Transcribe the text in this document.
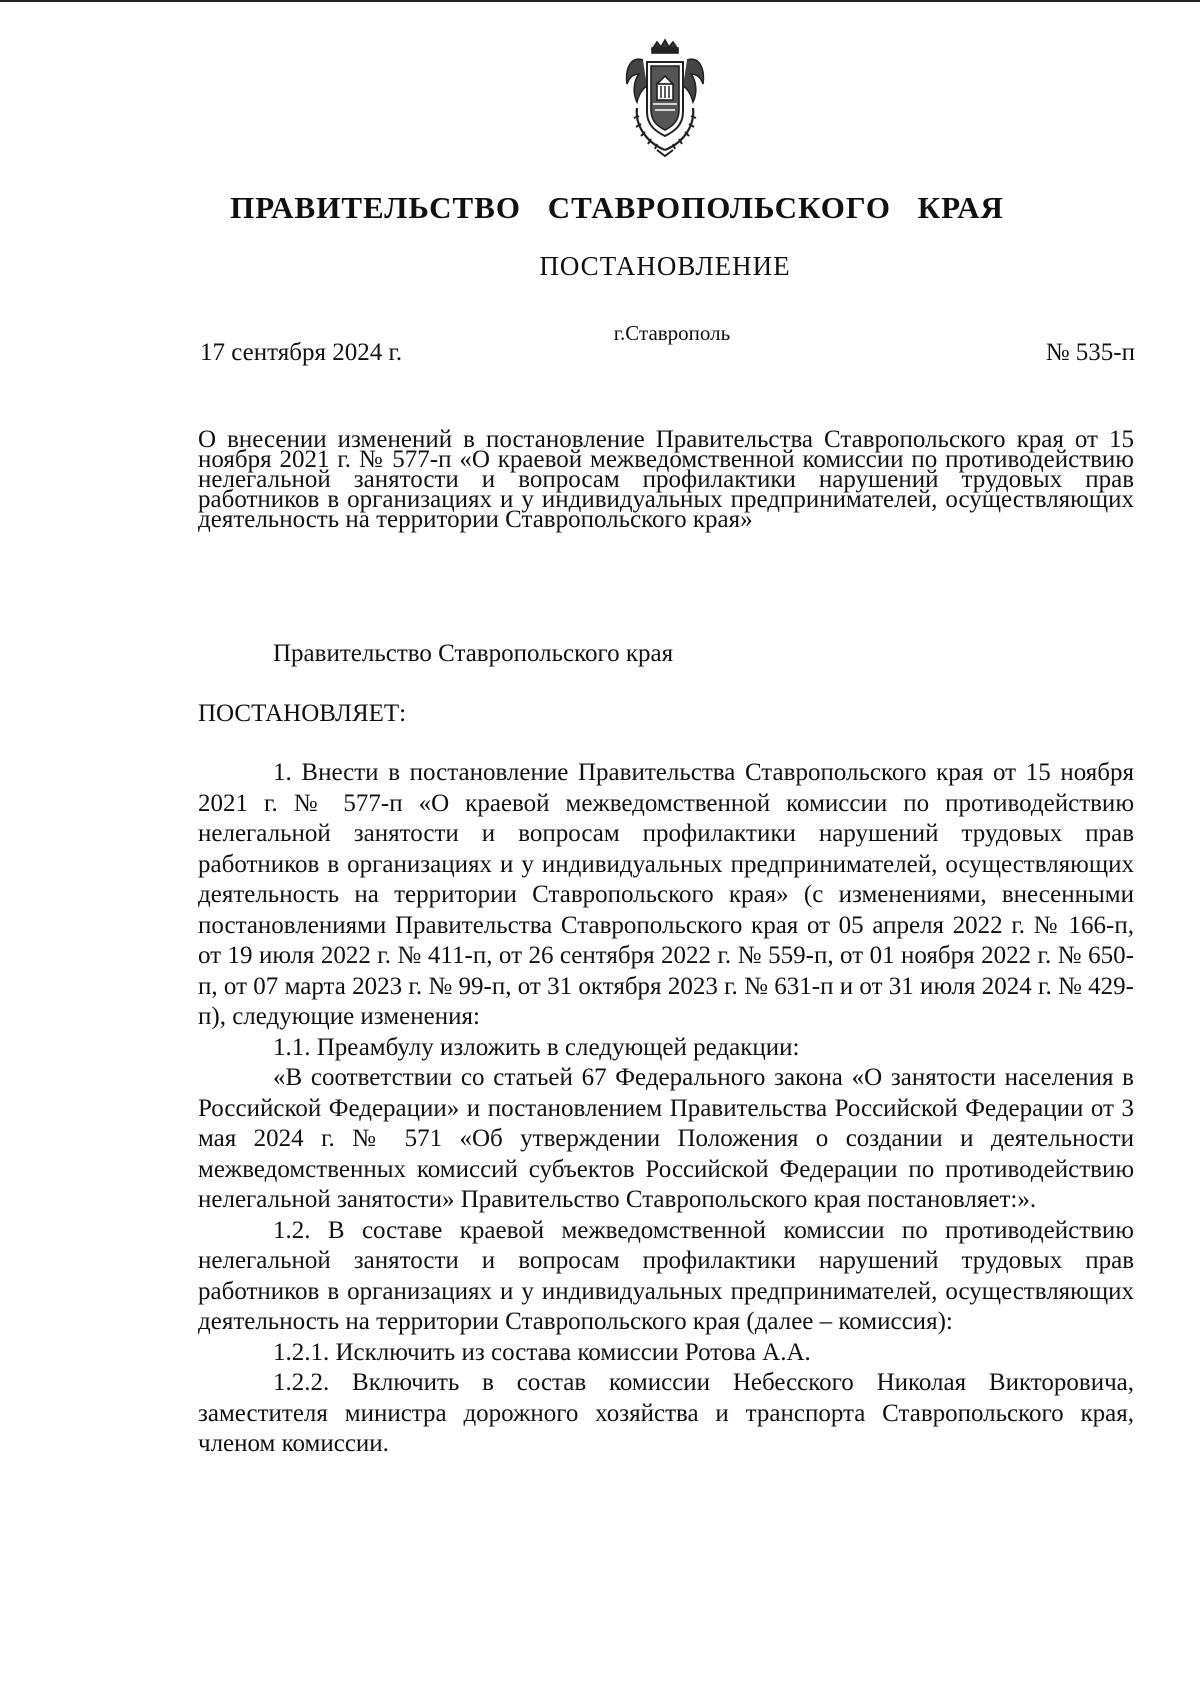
ПРАВИТЕЛЬСТВО СТАВРОПОЛЬСКОГО КРАЯ
ПОСТАНОВЛЕНИЕ
г.Ставрополь
17 сентября 2024 г.	№ 535-п
О внесении изменений в постановление Правительства Ставропольского края от 15 ноября 2021 г. № 577-п «О краевой межведомственной комиссии по противодействию нелегальной занятости и вопросам профилактики нарушений трудовых прав работников в организациях и у индивидуальных предпринимателей, осуществляющих деятельность на территории Ставропольского края»
Правительство Ставропольского края
ПОСТАНОВЛЯЕТ:

1. Внести в постановление Правительства Ставропольского края от 15 ноября 2021 г. № 577-п «О краевой межведомственной комиссии по противодействию нелегальной занятости и вопросам профилактики нарушений трудовых прав работников в организациях и у индивидуальных предпринимателей, осуществляющих деятельность на территории Ставропольского края» (с изменениями, внесенными постановлениями Правительства Ставропольского края от 05 апреля 2022 г. № 166-п, от 19 июля 2022 г. № 411-п, от 26 сентября 2022 г. № 559-п, от 01 ноября 2022 г. № 650-п, от 07 марта 2023 г. № 99-п, от 31 октября 2023 г. № 631-п и от 31 июля 2024 г. № 429-п), следующие изменения:

1.1. Преамбулу изложить в следующей редакции:

«В соответствии со статьей 67 Федерального закона «О занятости населения в Российской Федерации» и постановлением Правительства Российской Федерации от 3 мая 2024 г. № 571 «Об утверждении Положения о создании и деятельности межведомственных комиссий субъектов Российской Федерации по противодействию нелегальной занятости» Правительство Ставропольского края постановляет:».

1.2. В составе краевой межведомственной комиссии по противодействию нелегальной занятости и вопросам профилактики нарушений трудовых прав работников в организациях и у индивидуальных предпринимателей, осуществляющих деятельность на территории Ставропольского края (далее – комиссия):

1.2.1. Исключить из состава комиссии Ротова А.А.

1.2.2. Включить в состав комиссии Небесского Николая Викторовича, заместителя министра дорожного хозяйства и транспорта Ставропольского края, членом комиссии.
